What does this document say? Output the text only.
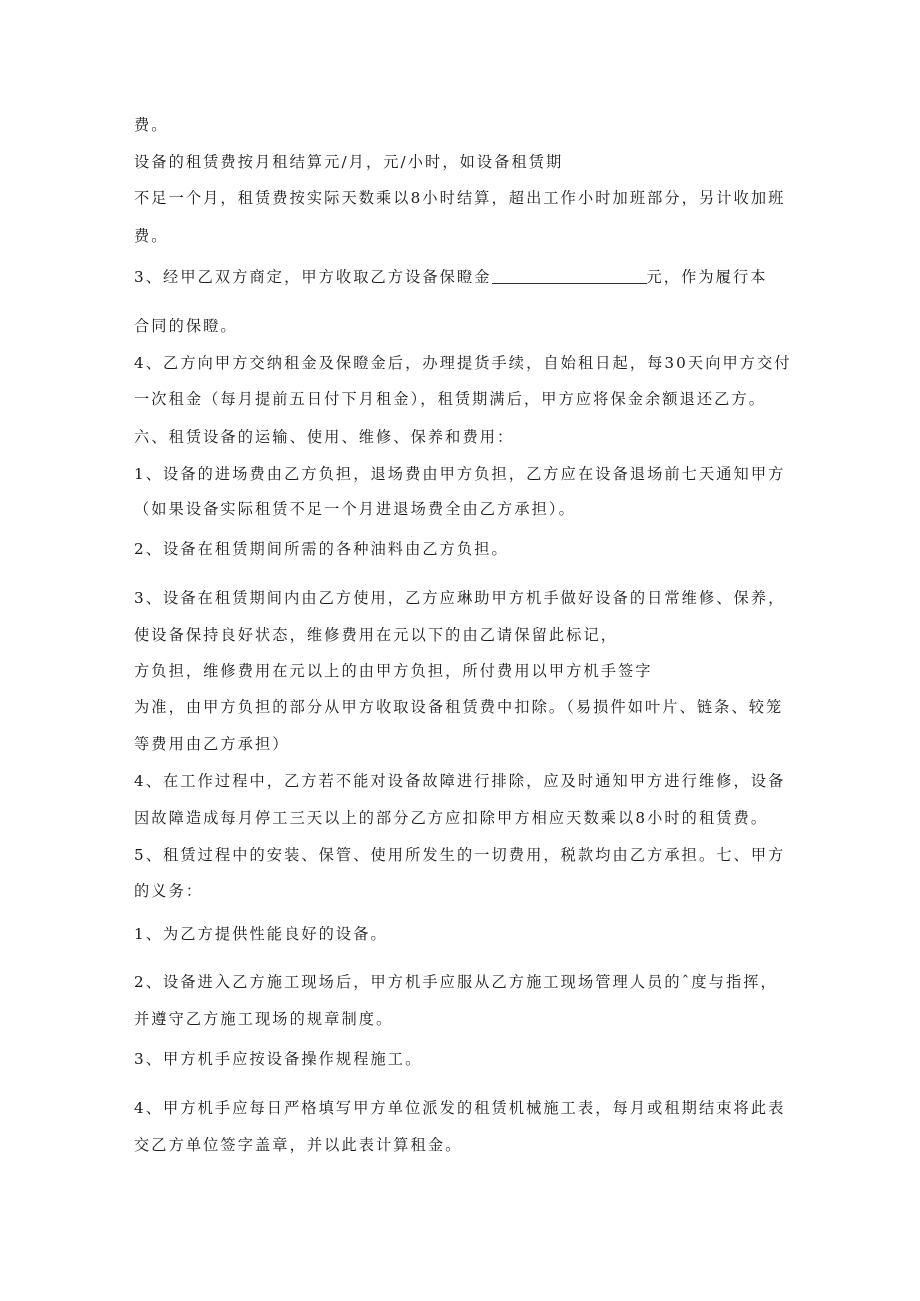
费。
设备的租赁费按月租结算元/月，元/小时，如设备租赁期
不足一个月，租赁费按实际天数乘以8小时结算，超出工作小时加班部分，另计收加班
费。
3、经甲乙双方商定，甲方收取乙方设备保瞪金	元，作为履行本
合同的保瞪。
4、乙方向甲方交纳租金及保瞪金后，办理提货手续，自始租日起，每30天向甲方交付
一次租金（每月提前五日付下月租金），租赁期满后，甲方应将保金余额退还乙方。
六、租赁设备的运输、使用、维修、保养和费用：
1、设备的进场费由乙方负担，退场费由甲方负担，乙方应在设备退场前七天通知甲方
（如果设备实际租赁不足一个月进退场费全由乙方承担）。
2、设备在租赁期间所需的各种油料由乙方负担。
3、设备在租赁期间内由乙方使用，乙方应琳助甲方机手做好设备的日常维修、保养，
使设备保持良好状态，维修费用在元以下的由乙请保留此标记，
方负担，维修费用在元以上的由甲方负担，所付费用以甲方机手签字
为准，由甲方负担的部分从甲方收取设备租赁费中扣除。（易损件如叶片、链条、较笼
等费用由乙方承担）
4、在工作过程中，乙方若不能对设备故障进行排除，应及时通知甲方进行维修，设备
因故障造成每月停工三天以上的部分乙方应扣除甲方相应天数乘以8小时的租赁费。
5、租赁过程中的安装、保管、使用所发生的一切费用，税款均由乙方承担。七、甲方
的义务：
1、为乙方提供性能良好的设备。
2、设备进入乙方施工现场后，甲方机手应服从乙方施工现场管理人员的ˆ度与指挥，
并遵守乙方施工现场的规章制度。
3、甲方机手应按设备操作规程施工。
4、甲方机手应每日严格填写甲方单位派发的租赁机械施工表，每月或租期结束将此表
交乙方单位签字盖章，并以此表计算租金。
